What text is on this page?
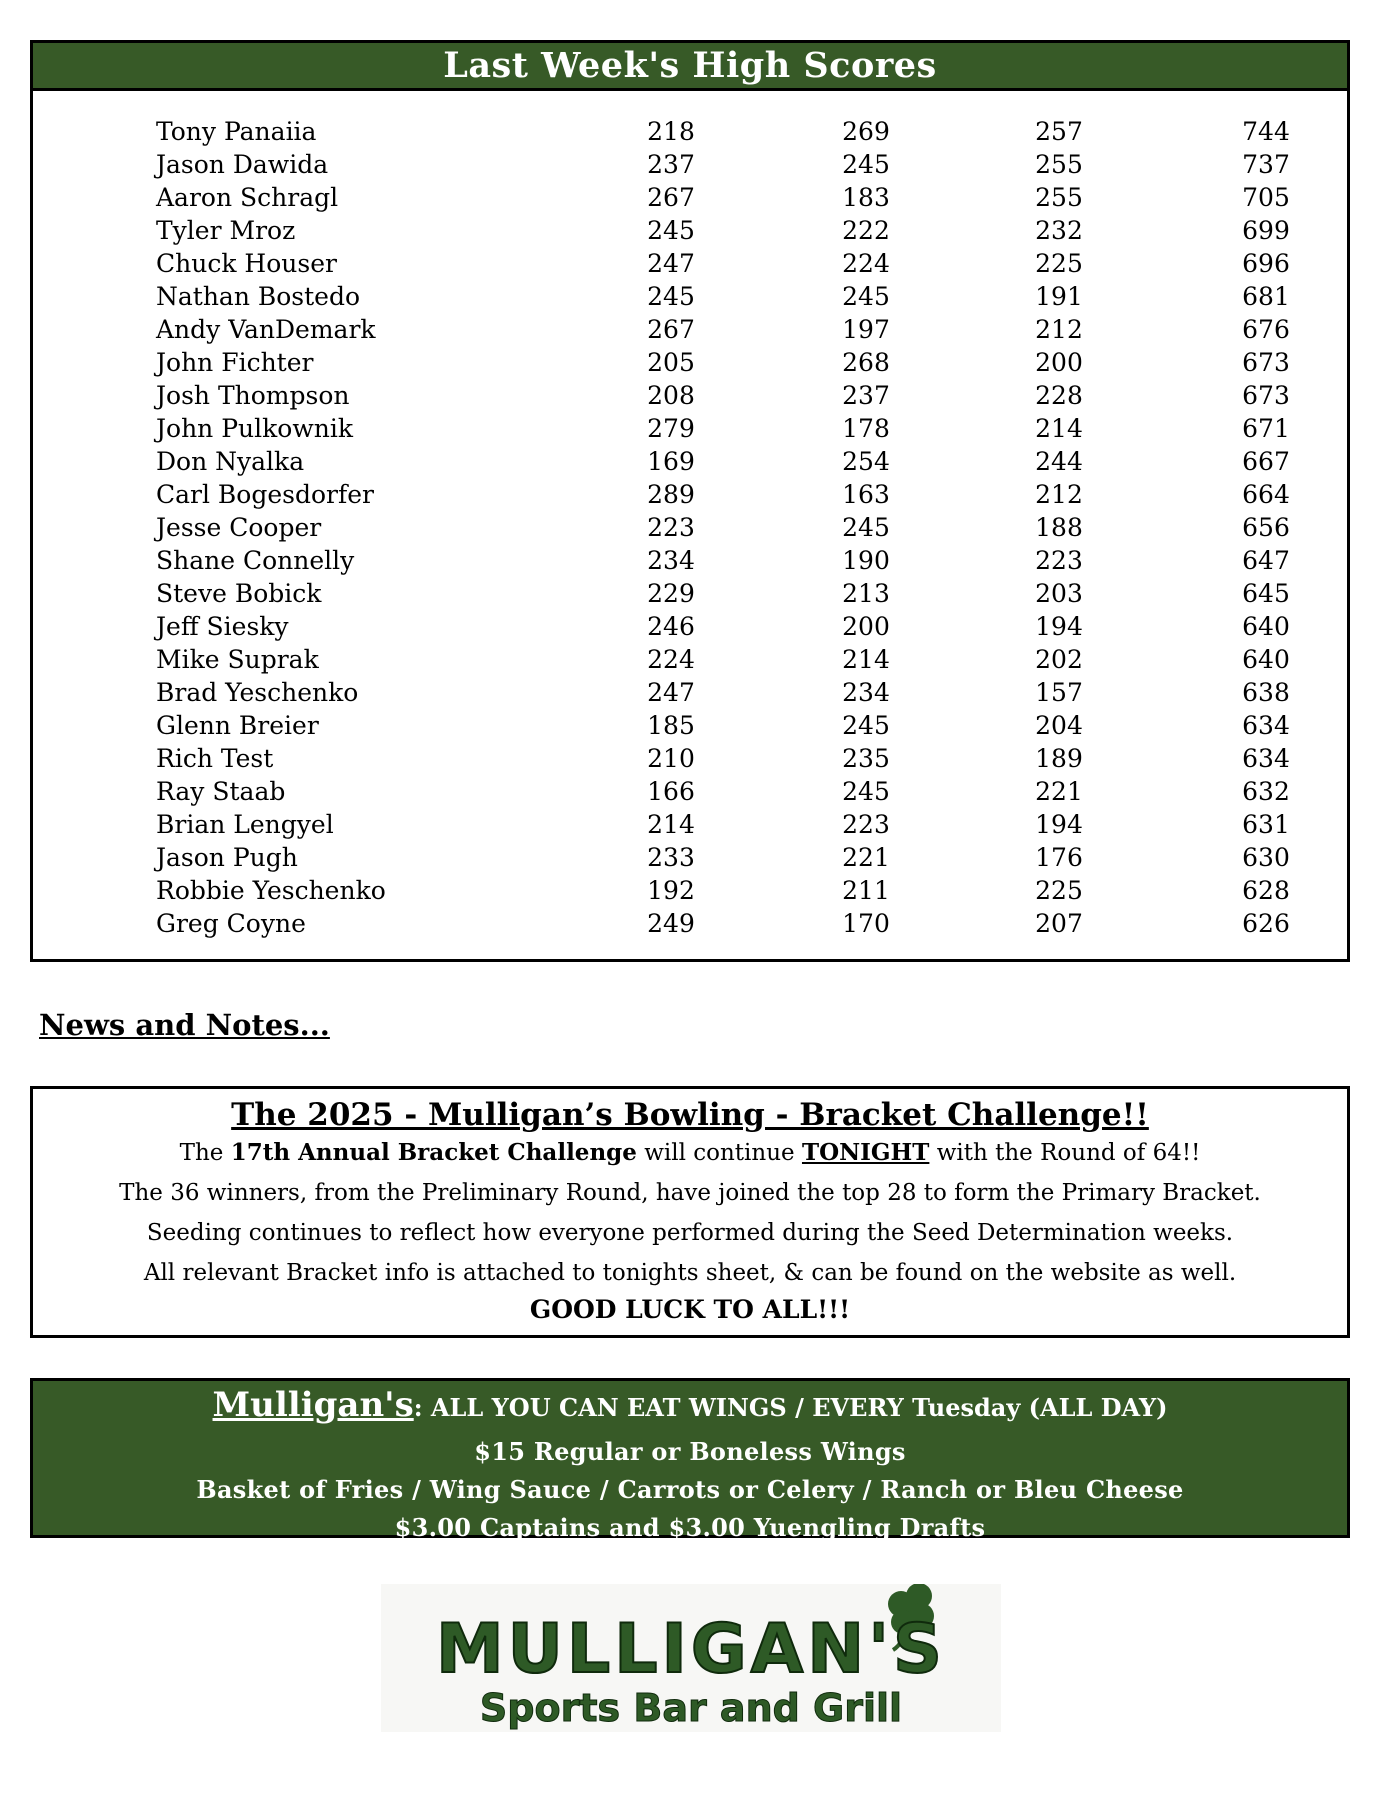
Last Week's High Scores
Tony Panaiia	218	269	257	744
Jason Dawida	237	245	255	737
Aaron Schragl	267	183	255	705
Tyler Mroz	245	222	232	699
Chuck Houser	247	224	225	696
Nathan Bostedo	245	245	191	681
Andy VanDemark	267	197	212	676
John Fichter	205	268	200	673
Josh Thompson	208	237	228	673
John Pulkownik	279	178	214	671
Don Nyalka	169	254	244	667
Carl Bogesdorfer	289	163	212	664
Jesse Cooper	223	245	188	656
Shane Connelly	234	190	223	647
Steve Bobick	229	213	203	645
Jeff Siesky	246	200	194	640
Mike Suprak	224	214	202	640
Brad Yeschenko	247	234	157	638
Glenn Breier	185	245	204	634
Rich Test	210	235	189	634
Ray Staab	166	245	221	632
Brian Lengyel	214	223	194	631
Jason Pugh	233	221	176	630
Robbie Yeschenko	192	211	225	628
Greg Coyne	249	170	207	626
News and Notes...
The 2025 - Mulligan’s Bowling - Bracket Challenge!!
The 17th Annual Bracket Challenge will continue TONIGHT with the Round of 64!!
The 36 winners, from the Preliminary Round, have joined the top 28 to form the Primary Bracket.
Seeding continues to reflect how everyone performed during the Seed Determination weeks.
All relevant Bracket info is attached to tonights sheet, & can be found on the website as well.
GOOD LUCK TO ALL!!!
Mulligan's: ALL YOU CAN EAT WINGS / EVERY Tuesday (ALL DAY)
$15 Regular or Boneless Wings
Basket of Fries / Wing Sauce / Carrots or Celery / Ranch or Bleu Cheese
$3.00 Captains and $3.00 Yuengling Drafts
MULLIGAN'S
Sports Bar and Grill
